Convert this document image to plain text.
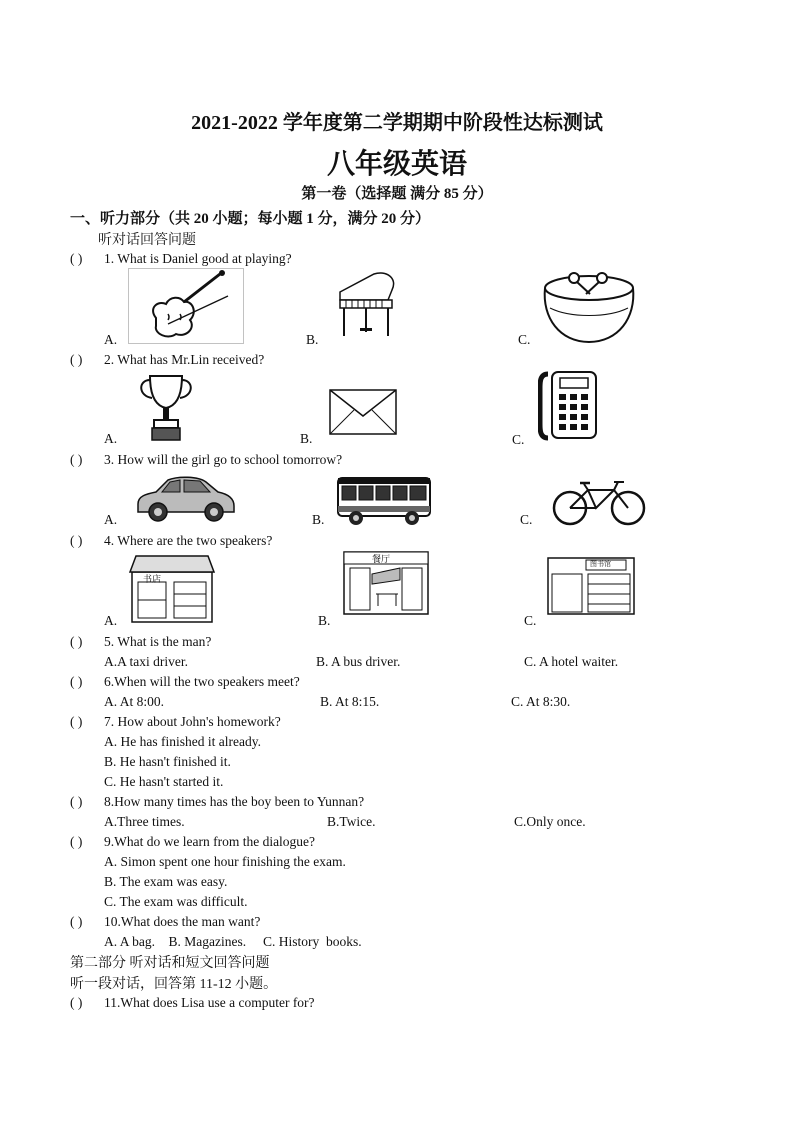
2021-2022 学年度第二学期期中阶段性达标测试
八年级英语
第一卷（选择题 满分 85 分）
一、听力部分（共 20 小题；每小题 1 分，满分 20 分）
听对话回答问题
( ) 1. What is Daniel good at playing?
A.	B.	C.
( ) 2. What has Mr.Lin received?
A.	B.	C.
( ) 3. How will the girl go to school tomorrow?
A.	B.	C.
( ) 4. Where are the two speakers?
A.	B.	C.
书店
餐厅	图书馆
( ) 5. What is the man?
A.A taxi driver.	B. A bus driver.	C. A hotel waiter.
( ) 6.When will the two speakers meet?
A. At 8:00.	B. At 8:15.	C. At 8:30.
( ) 7. How about John's homework?
A. He has finished it already.
B. He hasn't finished it.
C. He hasn't started it.
( ) 8.How many times has the boy been to Yunnan?
A.Three times.	B.Twice.	C.Only once.
( ) 9.What do we learn from the dialogue?
A. Simon spent one hour finishing the exam.
B. The exam was easy.
C. The exam was difficult.
( ) 10.What does the man want?
A. A bag.    B. Magazines.     C. History  books.
第二部分 听对话和短文回答问题
听一段对话，回答第 11-12 小题。
( ) 11.What does Lisa use a computer for?
